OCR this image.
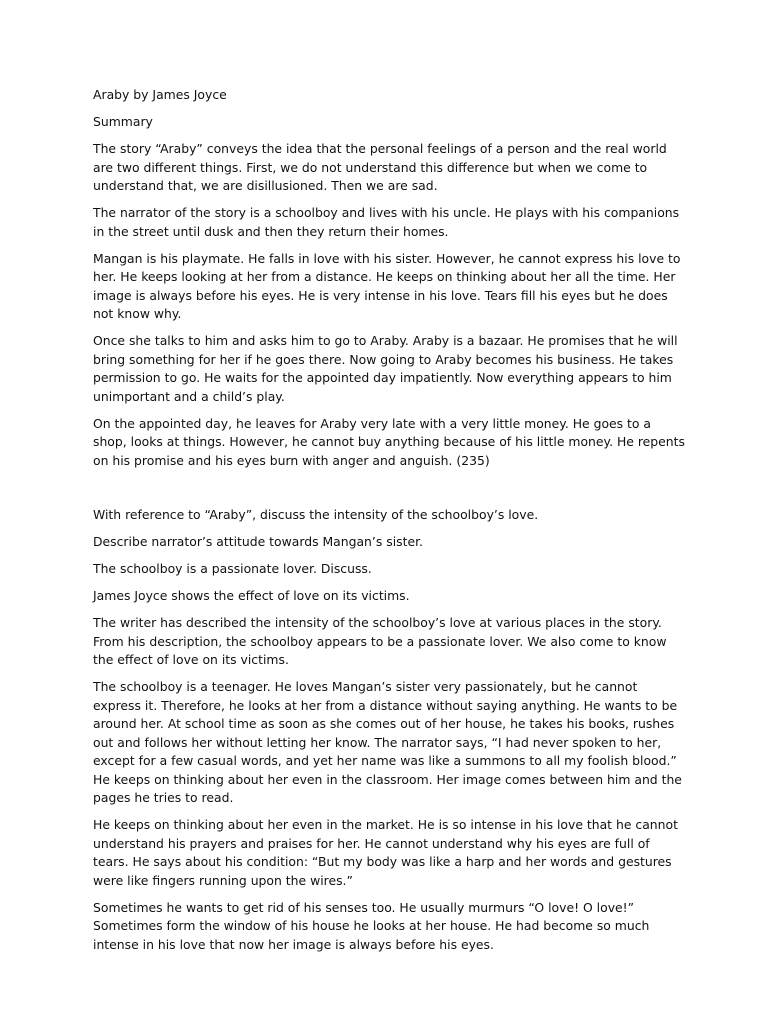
Araby by James Joyce

Summary

The story “Araby” conveys the idea that the personal feelings of a person and the real world are two different things. First, we do not understand this difference but when we come to understand that, we are disillusioned. Then we are sad.

The narrator of the story is a schoolboy and lives with his uncle. He plays with his companions in the street until dusk and then they return their homes.

Mangan is his playmate. He falls in love with his sister. However, he cannot express his love to her. He keeps looking at her from a distance. He keeps on thinking about her all the time. Her image is always before his eyes. He is very intense in his love. Tears fill his eyes but he does not know why.

Once she talks to him and asks him to go to Araby. Araby is a bazaar. He promises that he will bring something for her if he goes there. Now going to Araby becomes his business. He takes permission to go. He waits for the appointed day impatiently. Now everything appears to him unimportant and a child’s play.

On the appointed day, he leaves for Araby very late with a very little money. He goes to a shop, looks at things. However, he cannot buy anything because of his little money. He repents on his promise and his eyes burn with anger and anguish. (235)

With reference to “Araby”, discuss the intensity of the schoolboy’s love.

Describe narrator’s attitude towards Mangan’s sister.

The schoolboy is a passionate lover. Discuss.

James Joyce shows the effect of love on its victims.

The writer has described the intensity of the schoolboy’s love at various places in the story. From his description, the schoolboy appears to be a passionate lover. We also come to know the effect of love on its victims.

The schoolboy is a teenager. He loves Mangan’s sister very passionately, but he cannot express it. Therefore, he looks at her from a distance without saying anything. He wants to be around her. At school time as soon as she comes out of her house, he takes his books, rushes out and follows her without letting her know. The narrator says, “I had never spoken to her, except for a few casual words, and yet her name was like a summons to all my foolish blood.” He keeps on thinking about her even in the classroom. Her image comes between him and the pages he tries to read.

He keeps on thinking about her even in the market. He is so intense in his love that he cannot understand his prayers and praises for her. He cannot understand why his eyes are full of tears. He says about his condition: “But my body was like a harp and her words and gestures were like fingers running upon the wires.”

Sometimes he wants to get rid of his senses too. He usually murmurs “O love! O love!” Sometimes form the window of his house he looks at her house. He had become so much intense in his love that now her image is always before his eyes.
